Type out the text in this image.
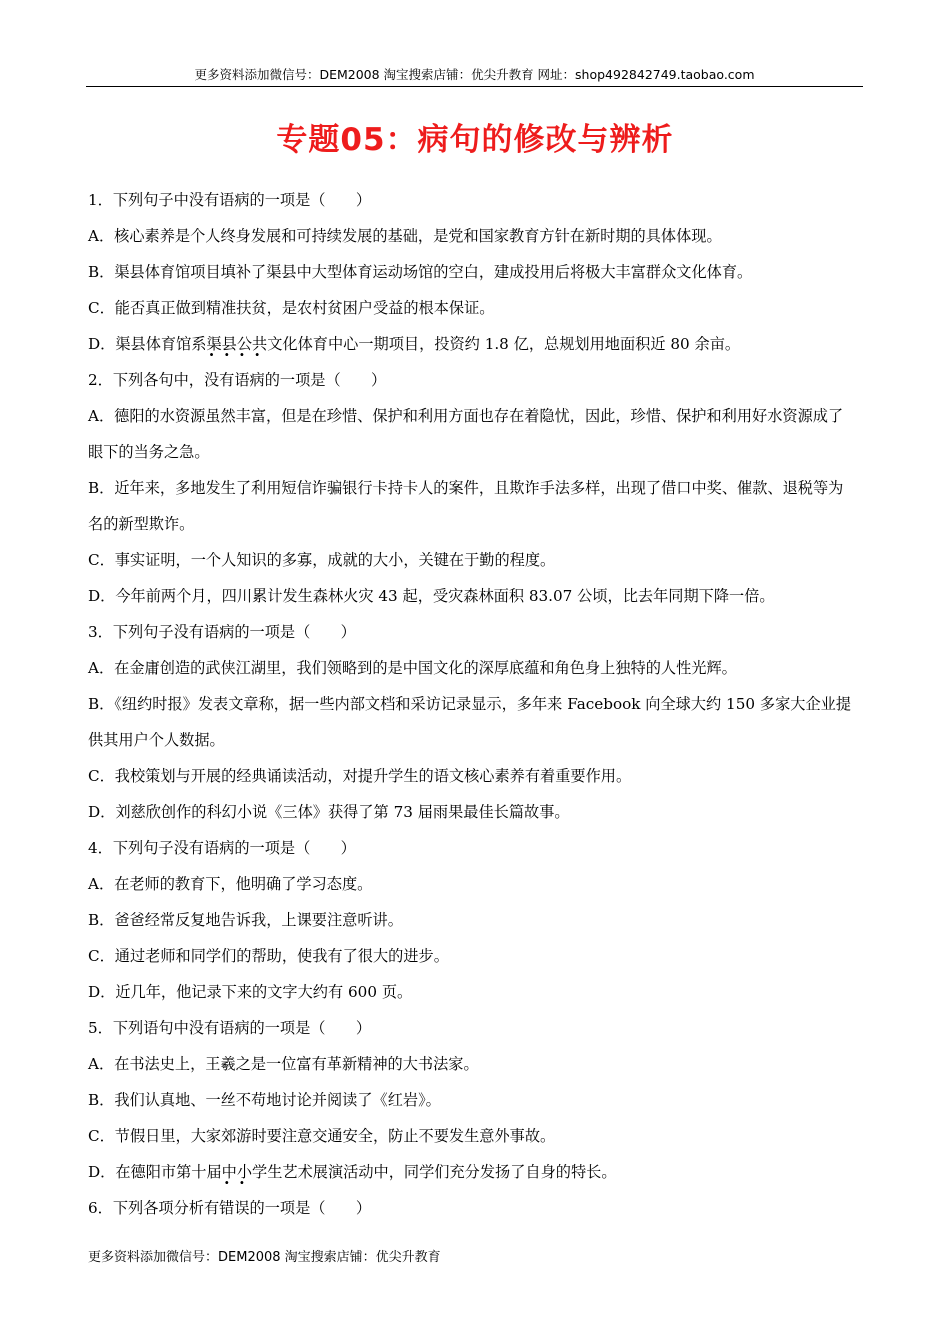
更多资料添加微信号：DEM2008 淘宝搜索店铺：优尖升教育 网址：shop492842749.taobao.com
专题05：病句的修改与辨析
1．下列句子中没有语病的一项是（　　）
A．核心素养是个人终身发展和可持续发展的基础，是党和国家教育方针在新时期的具体体现。
B．渠县体育馆项目填补了渠县中大型体育运动场馆的空白，建成投用后将极大丰富群众文化体育。
C．能否真正做到精准扶贫，是农村贫困户受益的根本保证。
D．渠县体育馆系渠县公共文化体育中心一期项目，投资约 1.8 亿，总规划用地面积近 80 余亩。
2．下列各句中，没有语病的一项是（　　）
A．德阳的水资源虽然丰富，但是在珍惜、保护和利用方面也存在着隐忧，因此，珍惜、保护和利用好水资源成了眼下的当务之急。
B．近年来，多地发生了利用短信诈骗银行卡持卡人的案件，且欺诈手法多样，出现了借口中奖、催款、退税等为名的新型欺诈。
C．事实证明，一个人知识的多寡，成就的大小，关键在于勤的程度。
D．今年前两个月，四川累计发生森林火灾 43 起，受灾森林面积 83.07 公顷，比去年同期下降一倍。
3．下列句子没有语病的一项是（　　）
A．在金庸创造的武侠江湖里，我们领略到的是中国文化的深厚底蕴和角色身上独特的人性光辉。
B．《纽约时报》发表文章称，据一些内部文档和采访记录显示，多年来 Facebook 向全球大约 150 多家大企业提供其用户个人数据。
C．我校策划与开展的经典诵读活动，对提升学生的语文核心素养有着重要作用。
D．刘慈欣创作的科幻小说《三体》获得了第 73 届雨果最佳长篇故事。
4．下列句子没有语病的一项是（　　）
A．在老师的教育下，他明确了学习态度。
B．爸爸经常反复地告诉我，上课要注意听讲。
C．通过老师和同学们的帮助，使我有了很大的进步。
D．近几年，他记录下来的文字大约有 600 页。
5．下列语句中没有语病的一项是（　　）
A．在书法史上，王羲之是一位富有革新精神的大书法家。
B．我们认真地、一丝不苟地讨论并阅读了《红岩》。
C．节假日里，大家郊游时要注意交通安全，防止不要发生意外事故。
D．在德阳市第十届中小学生艺术展演活动中，同学们充分发扬了自身的特长。
6．下列各项分析有错误的一项是（　　）
更多资料添加微信号：DEM2008 淘宝搜索店铺：优尖升教育
